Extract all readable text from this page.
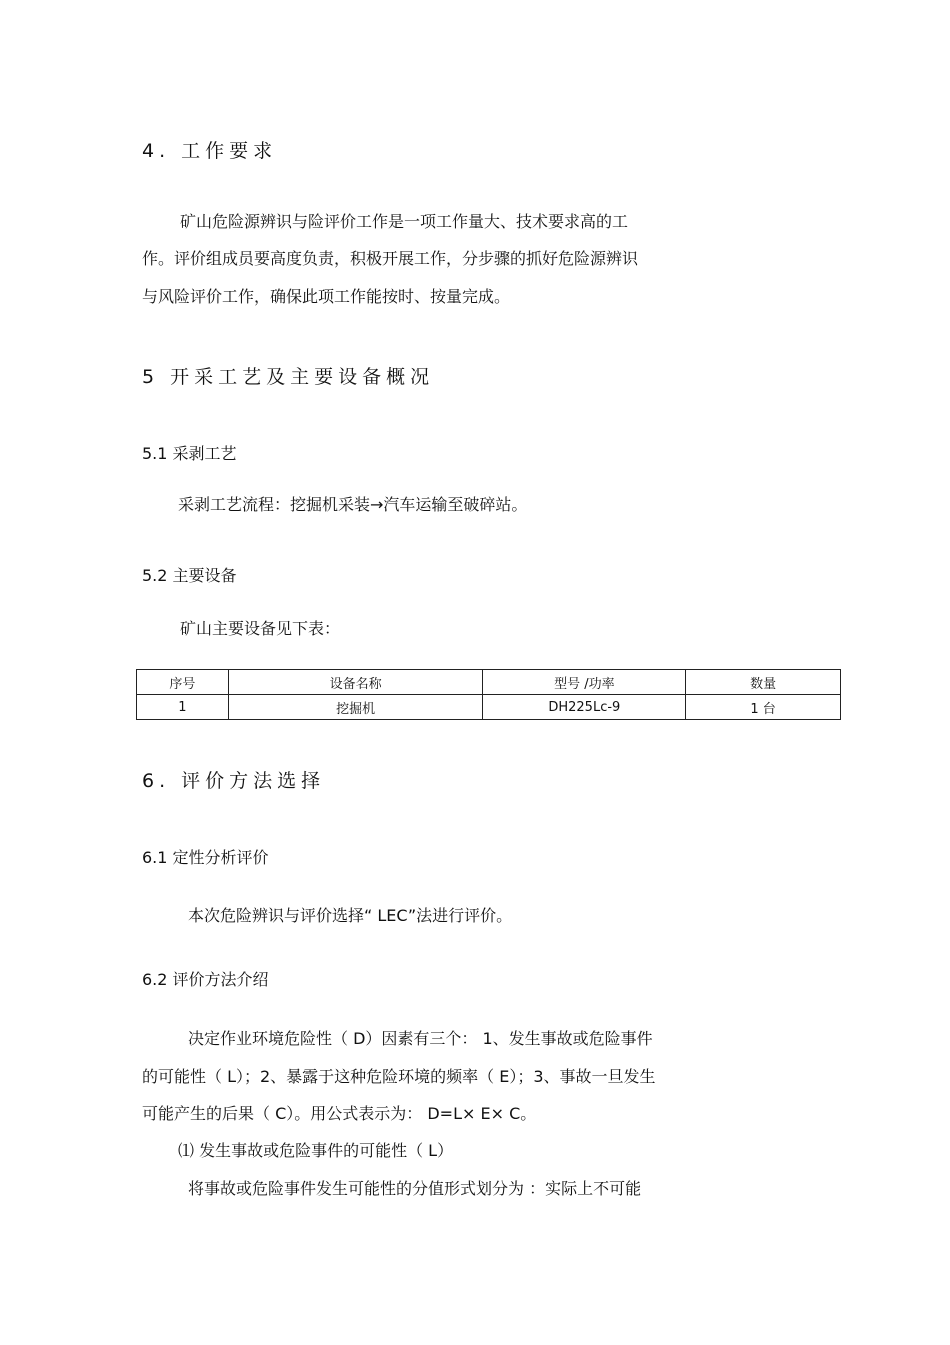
4. 工作要求
矿山危险源辨识与险评价工作是一项工作量大、技术要求高的工
作。评价组成员要高度负责，积极开展工作，分步骤的抓好危险源辨识
与风险评价工作，确保此项工作能按时、按量完成。
5 开采工艺及主要设备概况
5.1 采剥工艺
采剥工艺流程：挖掘机采装→汽车运输至破碎站。
5.2 主要设备
矿山主要设备见下表：
序号	设备名称	型号 /功率	数量
1	挖掘机	DH225Lc-9	1 台
6. 评价方法选择
6.1 定性分析评价
本次危险辨识与评价选择“ LEC”法进行评价。
6.2 评价方法介绍
决定作业环境危险性（ D）因素有三个： 1、发生事故或危险事件
的可能性（ L）；2、暴露于这种危险环境的频率（ E）；3、事故一旦发生
可能产生的后果（ C）。用公式表示为： D=L× E× C。
⑴ 发生事故或危险事件的可能性（ L）
将事故或危险事件发生可能性的分值形式划分为 ：实际上不可能
